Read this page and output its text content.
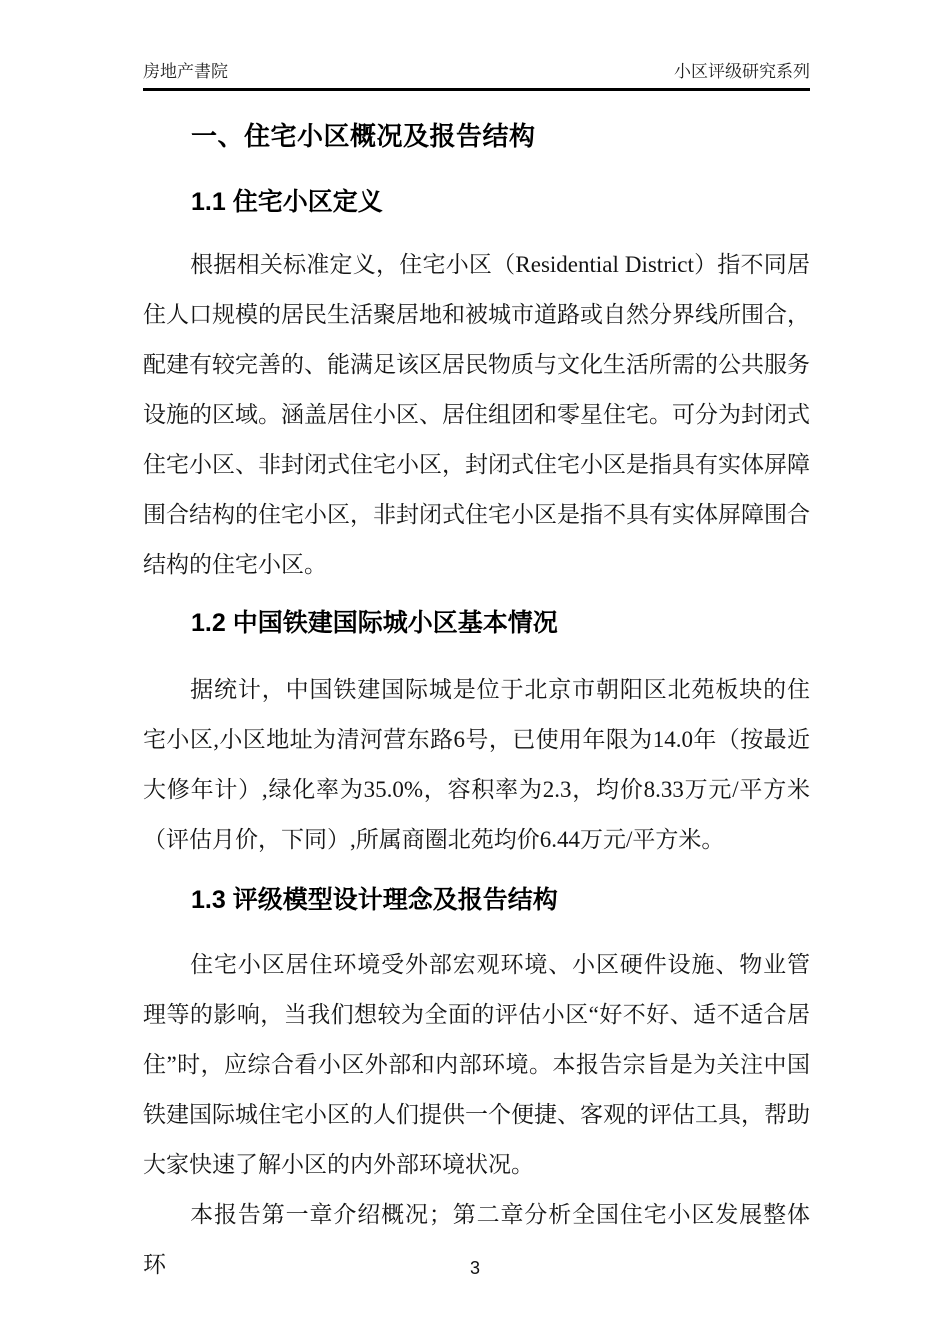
房地产書院	小区评级研究系列
一、住宅小区概况及报告结构
1.1 住宅小区定义

根据相关标准定义，住宅小区（Residential District）指不同居住人口规模的居民生活聚居地和被城市道路或自然分界线所围合，配建有较完善的、能满足该区居民物质与文化生活所需的公共服务设施的区域。涵盖居住小区、居住组团和零星住宅。可分为封闭式住宅小区、非封闭式住宅小区，封闭式住宅小区是指具有实体屏障围合结构的住宅小区，非封闭式住宅小区是指不具有实体屏障围合结构的住宅小区。

1.2 中国铁建国际城小区基本情况

据统计，中国铁建国际城是位于北京市朝阳区北苑板块的住宅小区,小区地址为清河营东路6号，已使用年限为14.0年（按最近大修年计）,绿化率为35.0%，容积率为2.3，均价8.33万元/平方米（评估月价，下同）,所属商圈北苑均价6.44万元/平方米。

1.3 评级模型设计理念及报告结构

住宅小区居住环境受外部宏观环境、小区硬件设施、物业管理等的影响，当我们想较为全面的评估小区“好不好、适不适合居住”时，应综合看小区外部和内部环境。本报告宗旨是为关注中国铁建国际城住宅小区的人们提供一个便捷、客观的评估工具，帮助大家快速了解小区的内外部环境状况。

本报告第一章介绍概况；第二章分析全国住宅小区发展整体环	3
